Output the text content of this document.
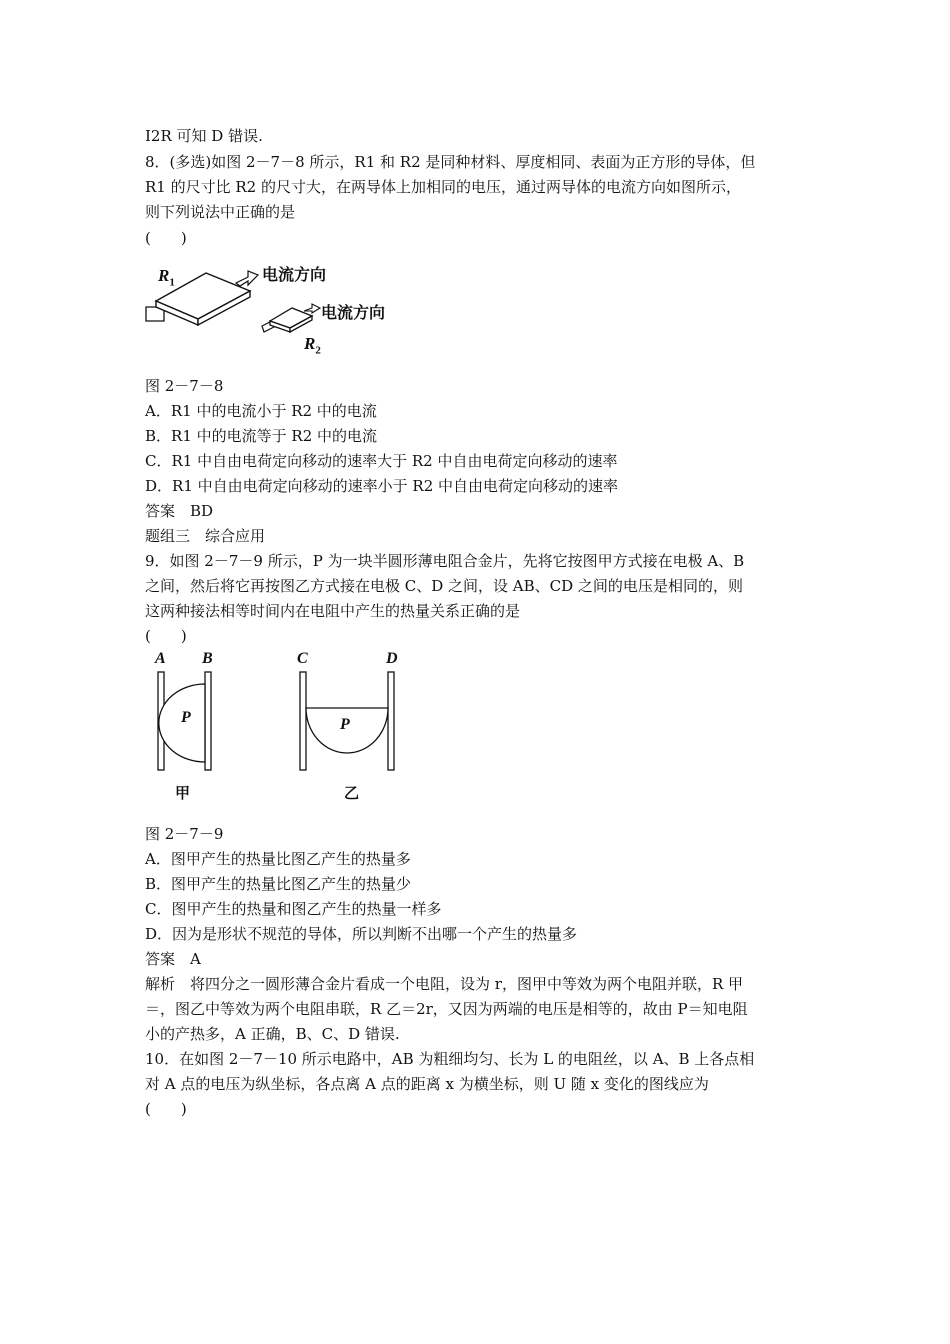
I2R 可知 D 错误.
8．(多选)如图 2－7－8 所示，R1 和 R2 是同种材料、厚度相同、表面为正方形的导体，但
R1 的尺寸比 R2 的尺寸大，在两导体上加相同的电压，通过两导体的电流方向如图所示，
则下列说法中正确的是
(　　)
$R_1$	电流方向
电流方向
$R_2$
图 2－7－8
A．R1 中的电流小于 R2 中的电流
B．R1 中的电流等于 R2 中的电流
C．R1 中自由电荷定向移动的速率大于 R2 中自由电荷定向移动的速率
D．R1 中自由电荷定向移动的速率小于 R2 中自由电荷定向移动的速率
答案　BD
题组三　综合应用
9．如图 2－7－9 所示，P 为一块半圆形薄电阻合金片，先将它按图甲方式接在电极 A、B
之间，然后将它再按图乙方式接在电极 C、D 之间，设 AB、CD 之间的电压是相同的，则
这两种接法相等时间内在电阻中产生的热量关系正确的是
(　　)
A B
P
C	D
P
甲	乙
图 2－7－9
A．图甲产生的热量比图乙产生的热量多
B．图甲产生的热量比图乙产生的热量少
C．图甲产生的热量和图乙产生的热量一样多
D．因为是形状不规范的导体，所以判断不出哪一个产生的热量多
答案　A
解析　将四分之一圆形薄合金片看成一个电阻，设为 r，图甲中等效为两个电阻并联，R 甲
＝，图乙中等效为两个电阻串联，R 乙＝2r，又因为两端的电压是相等的，故由 P＝知电阻
小的产热多，A 正确，B、C、D 错误.
10．在如图 2－7－10 所示电路中，AB 为粗细均匀、长为 L 的电阻丝，以 A、B 上各点相
对 A 点的电压为纵坐标，各点离 A 点的距离 x 为横坐标，则 U 随 x 变化的图线应为
(　　)
